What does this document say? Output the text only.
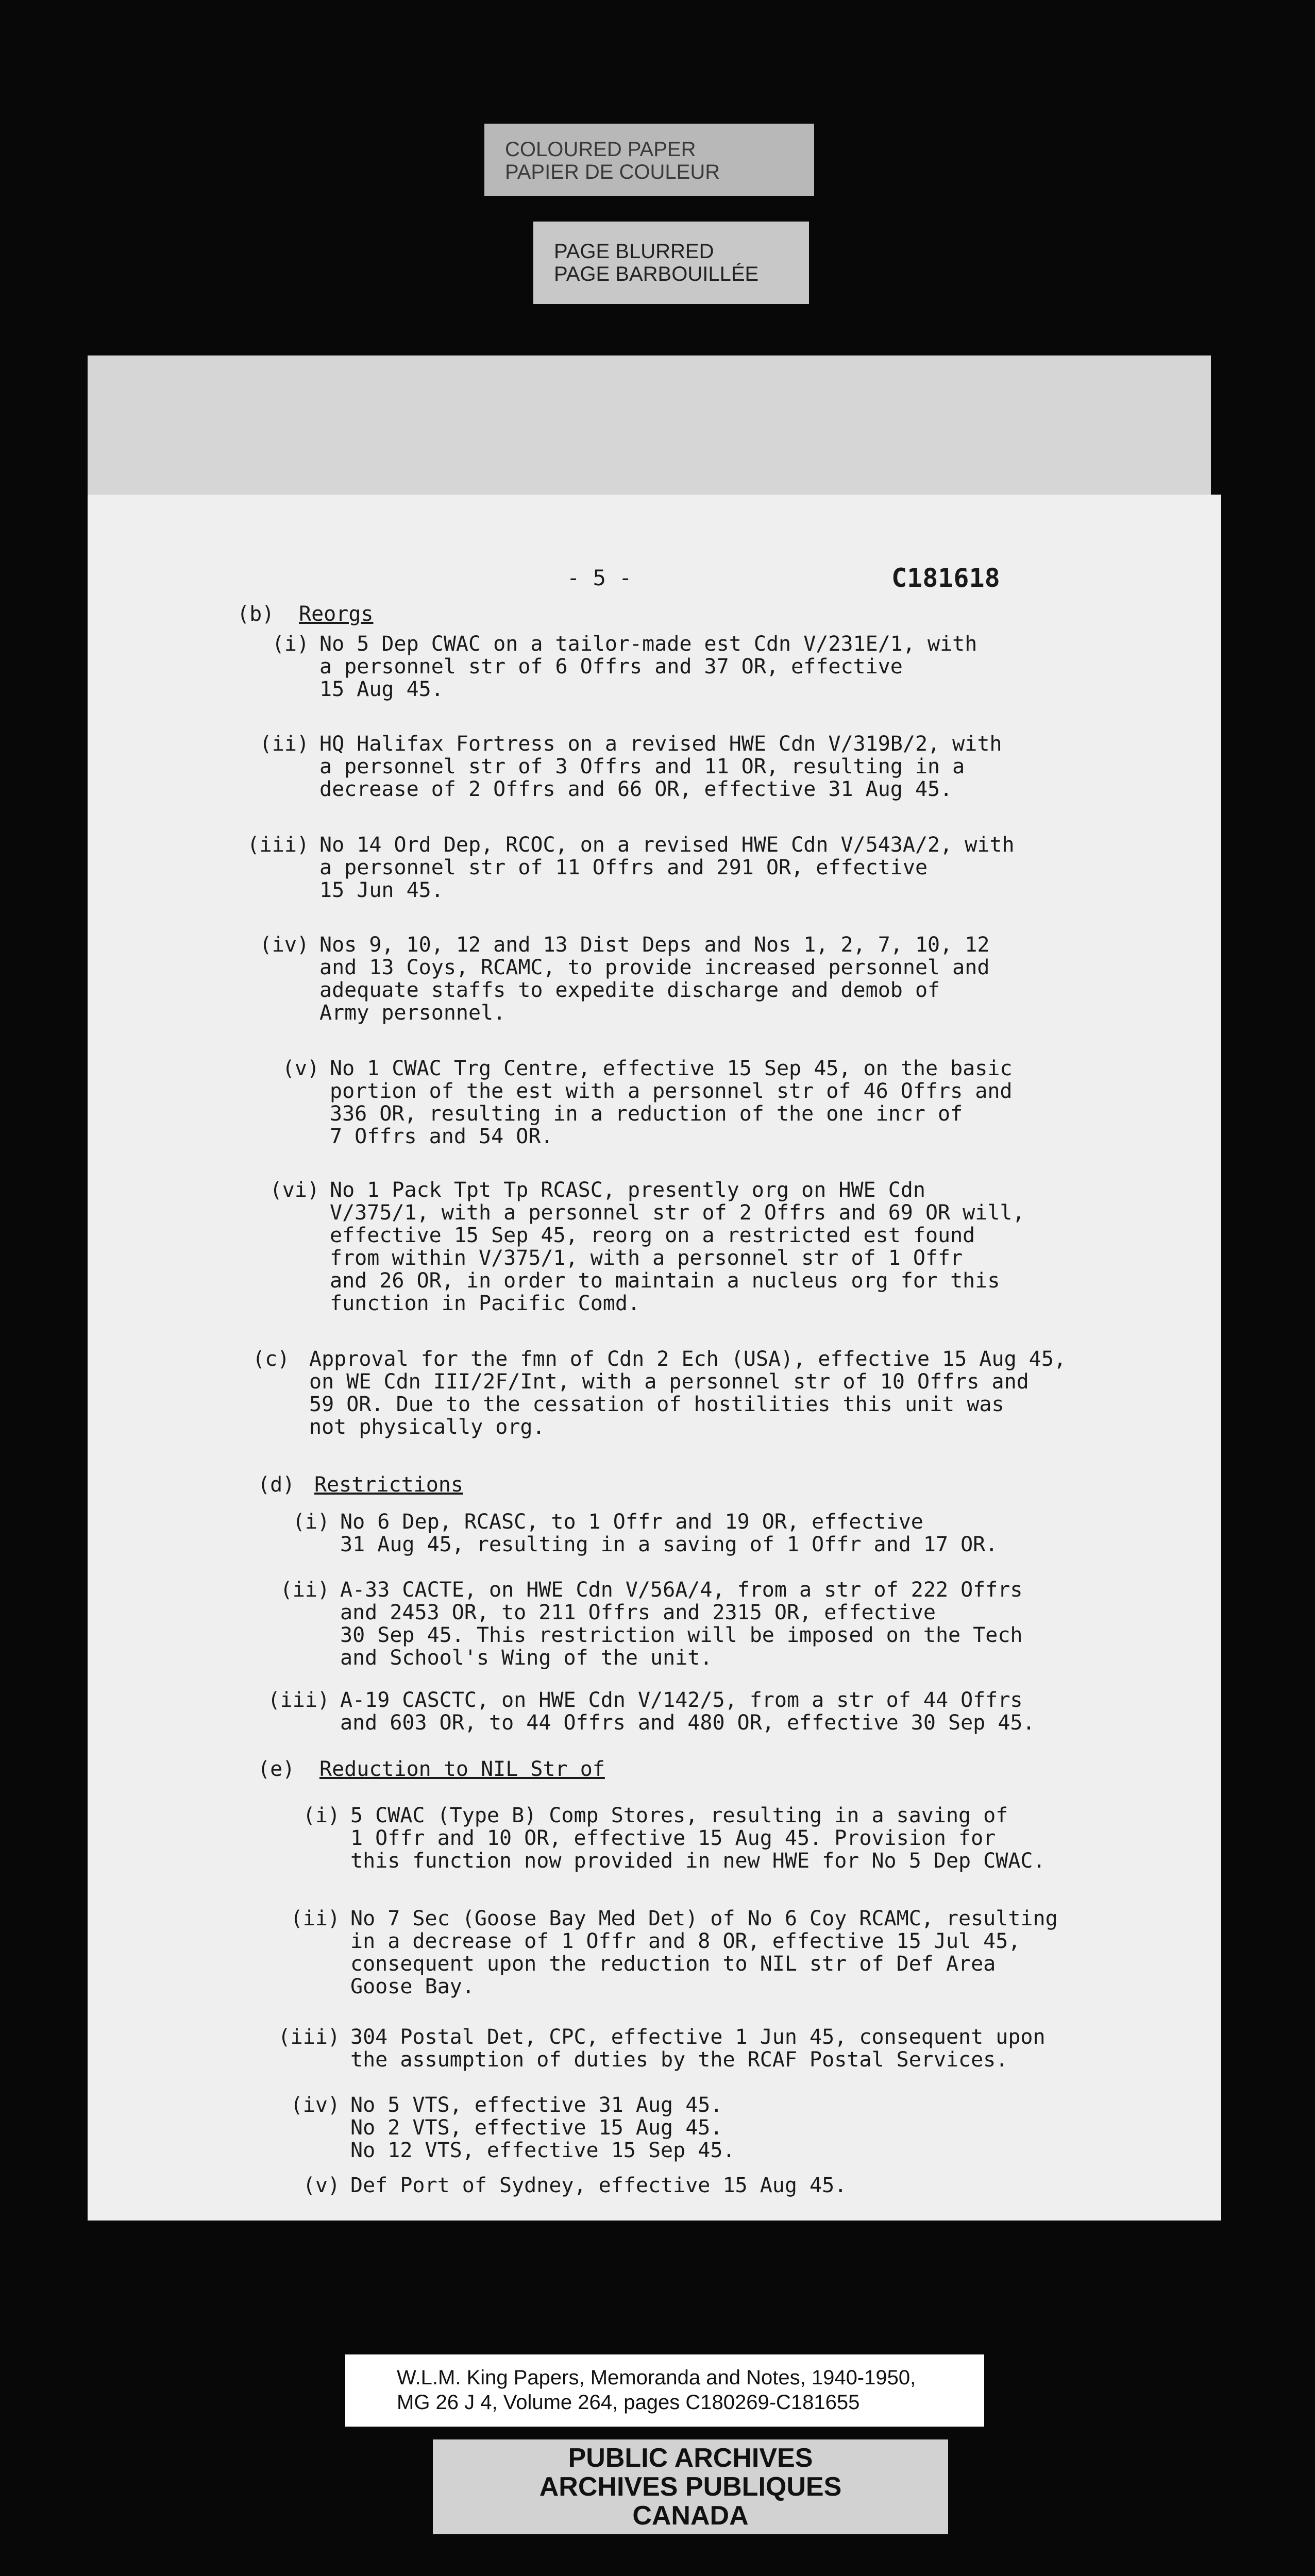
COLOURED PAPER
PAPIER DE COULEUR
PAGE BLURRED
PAGE BARBOUILLÉE
- 5 -	C181618
(b) Reorgs
(i) No 5 Dep CWAC on a tailor-made est Cdn V/231E/1, with
a personnel str of 6 Offrs and 37 OR, effective
15 Aug 45.
(ii) HQ Halifax Fortress on a revised HWE Cdn V/319B/2, with
a personnel str of 3 Offrs and 11 OR, resulting in a
decrease of 2 Offrs and 66 OR, effective 31 Aug 45.
(iii) No 14 Ord Dep, RCOC, on a revised HWE Cdn V/543A/2, with
a personnel str of 11 Offrs and 291 OR, effective
15 Jun 45.
(iv) Nos 9, 10, 12 and 13 Dist Deps and Nos 1, 2, 7, 10, 12
and 13 Coys, RCAMC, to provide increased personnel and
adequate staffs to expedite discharge and demob of
Army personnel.
(v) No 1 CWAC Trg Centre, effective 15 Sep 45, on the basic
portion of the est with a personnel str of 46 Offrs and
336 OR, resulting in a reduction of the one incr of
7 Offrs and 54 OR.
(vi) No 1 Pack Tpt Tp RCASC, presently org on HWE Cdn
V/375/1, with a personnel str of 2 Offrs and 69 OR will,
effective 15 Sep 45, reorg on a restricted est found
from within V/375/1, with a personnel str of 1 Offr
and 26 OR, in order to maintain a nucleus org for this
function in Pacific Comd.
(c) Approval for the fmn of Cdn 2 Ech (USA), effective 15 Aug 45,
on WE Cdn III/2F/Int, with a personnel str of 10 Offrs and
59 OR. Due to the cessation of hostilities this unit was
not physically org.
(d) Restrictions
(i) No 6 Dep, RCASC, to 1 Offr and 19 OR, effective
31 Aug 45, resulting in a saving of 1 Offr and 17 OR.
(ii) A-33 CACTE, on HWE Cdn V/56A/4, from a str of 222 Offrs
and 2453 OR, to 211 Offrs and 2315 OR, effective
30 Sep 45. This restriction will be imposed on the Tech
and School's Wing of the unit.
(iii) A-19 CASCTC, on HWE Cdn V/142/5, from a str of 44 Offrs
and 603 OR, to 44 Offrs and 480 OR, effective 30 Sep 45.
(e) Reduction to NIL Str of
(i) 5 CWAC (Type B) Comp Stores, resulting in a saving of
1 Offr and 10 OR, effective 15 Aug 45. Provision for
this function now provided in new HWE for No 5 Dep CWAC.
(ii) No 7 Sec (Goose Bay Med Det) of No 6 Coy RCAMC, resulting
in a decrease of 1 Offr and 8 OR, effective 15 Jul 45,
consequent upon the reduction to NIL str of Def Area
Goose Bay.
(iii) 304 Postal Det, CPC, effective 1 Jun 45, consequent upon
the assumption of duties by the RCAF Postal Services.
(iv) No 5 VTS, effective 31 Aug 45.
No 2 VTS, effective 15 Aug 45.
No 12 VTS, effective 15 Sep 45.
(v) Def Port of Sydney, effective 15 Aug 45.
W.L.M. King Papers, Memoranda and Notes, 1940-1950,
MG 26 J 4, Volume 264, pages C180269-C181655
PUBLIC ARCHIVES
ARCHIVES PUBLIQUES
CANADA
